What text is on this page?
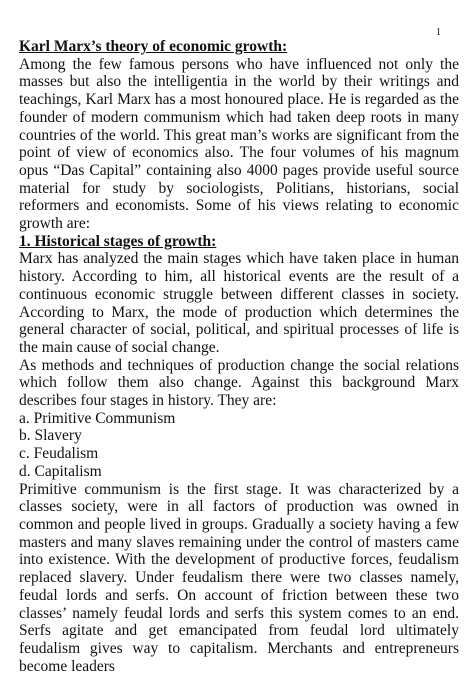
1

Karl Marx’s theory of economic growth:

Among the few famous persons who have influenced not only the masses but also the intelligentia in the world by their writings and teachings, Karl Marx has a most honoured place. He is regarded as the founder of modern communism which had taken deep roots in many countries of the world. This great man’s works are significant from the point of view of economics also. The four volumes of his magnum opus “Das Capital” containing also 4000 pages provide useful source material for study by sociologists, Politians, historians, social reformers and economists. Some of his views relating to economic growth are:

1. Historical stages of growth:

Marx has analyzed the main stages which have taken place in human history. According to him, all historical events are the result of a continuous economic struggle between different classes in society. According to Marx, the mode of production which determines the general character of social, political, and spiritual processes of life is the main cause of social change.

As methods and techniques of production change the social relations which follow them also change. Against this background Marx describes four stages in history. They are:

a. Primitive Communism

b. Slavery

c. Feudalism

d. Capitalism

Primitive communism is the first stage. It was characterized by a classes society, were in all factors of production was owned in common and people lived in groups. Gradually a society having a few masters and many slaves remaining under the control of masters came into existence. With the development of productive forces, feudalism replaced slavery. Under feudalism there were two classes namely, feudal lords and serfs. On account of friction between these two classes’ namely feudal lords and serfs this system comes to an end. Serfs agitate and get emancipated from feudal lord ultimately feudalism gives way to capitalism. Merchants and entrepreneurs become leaders
